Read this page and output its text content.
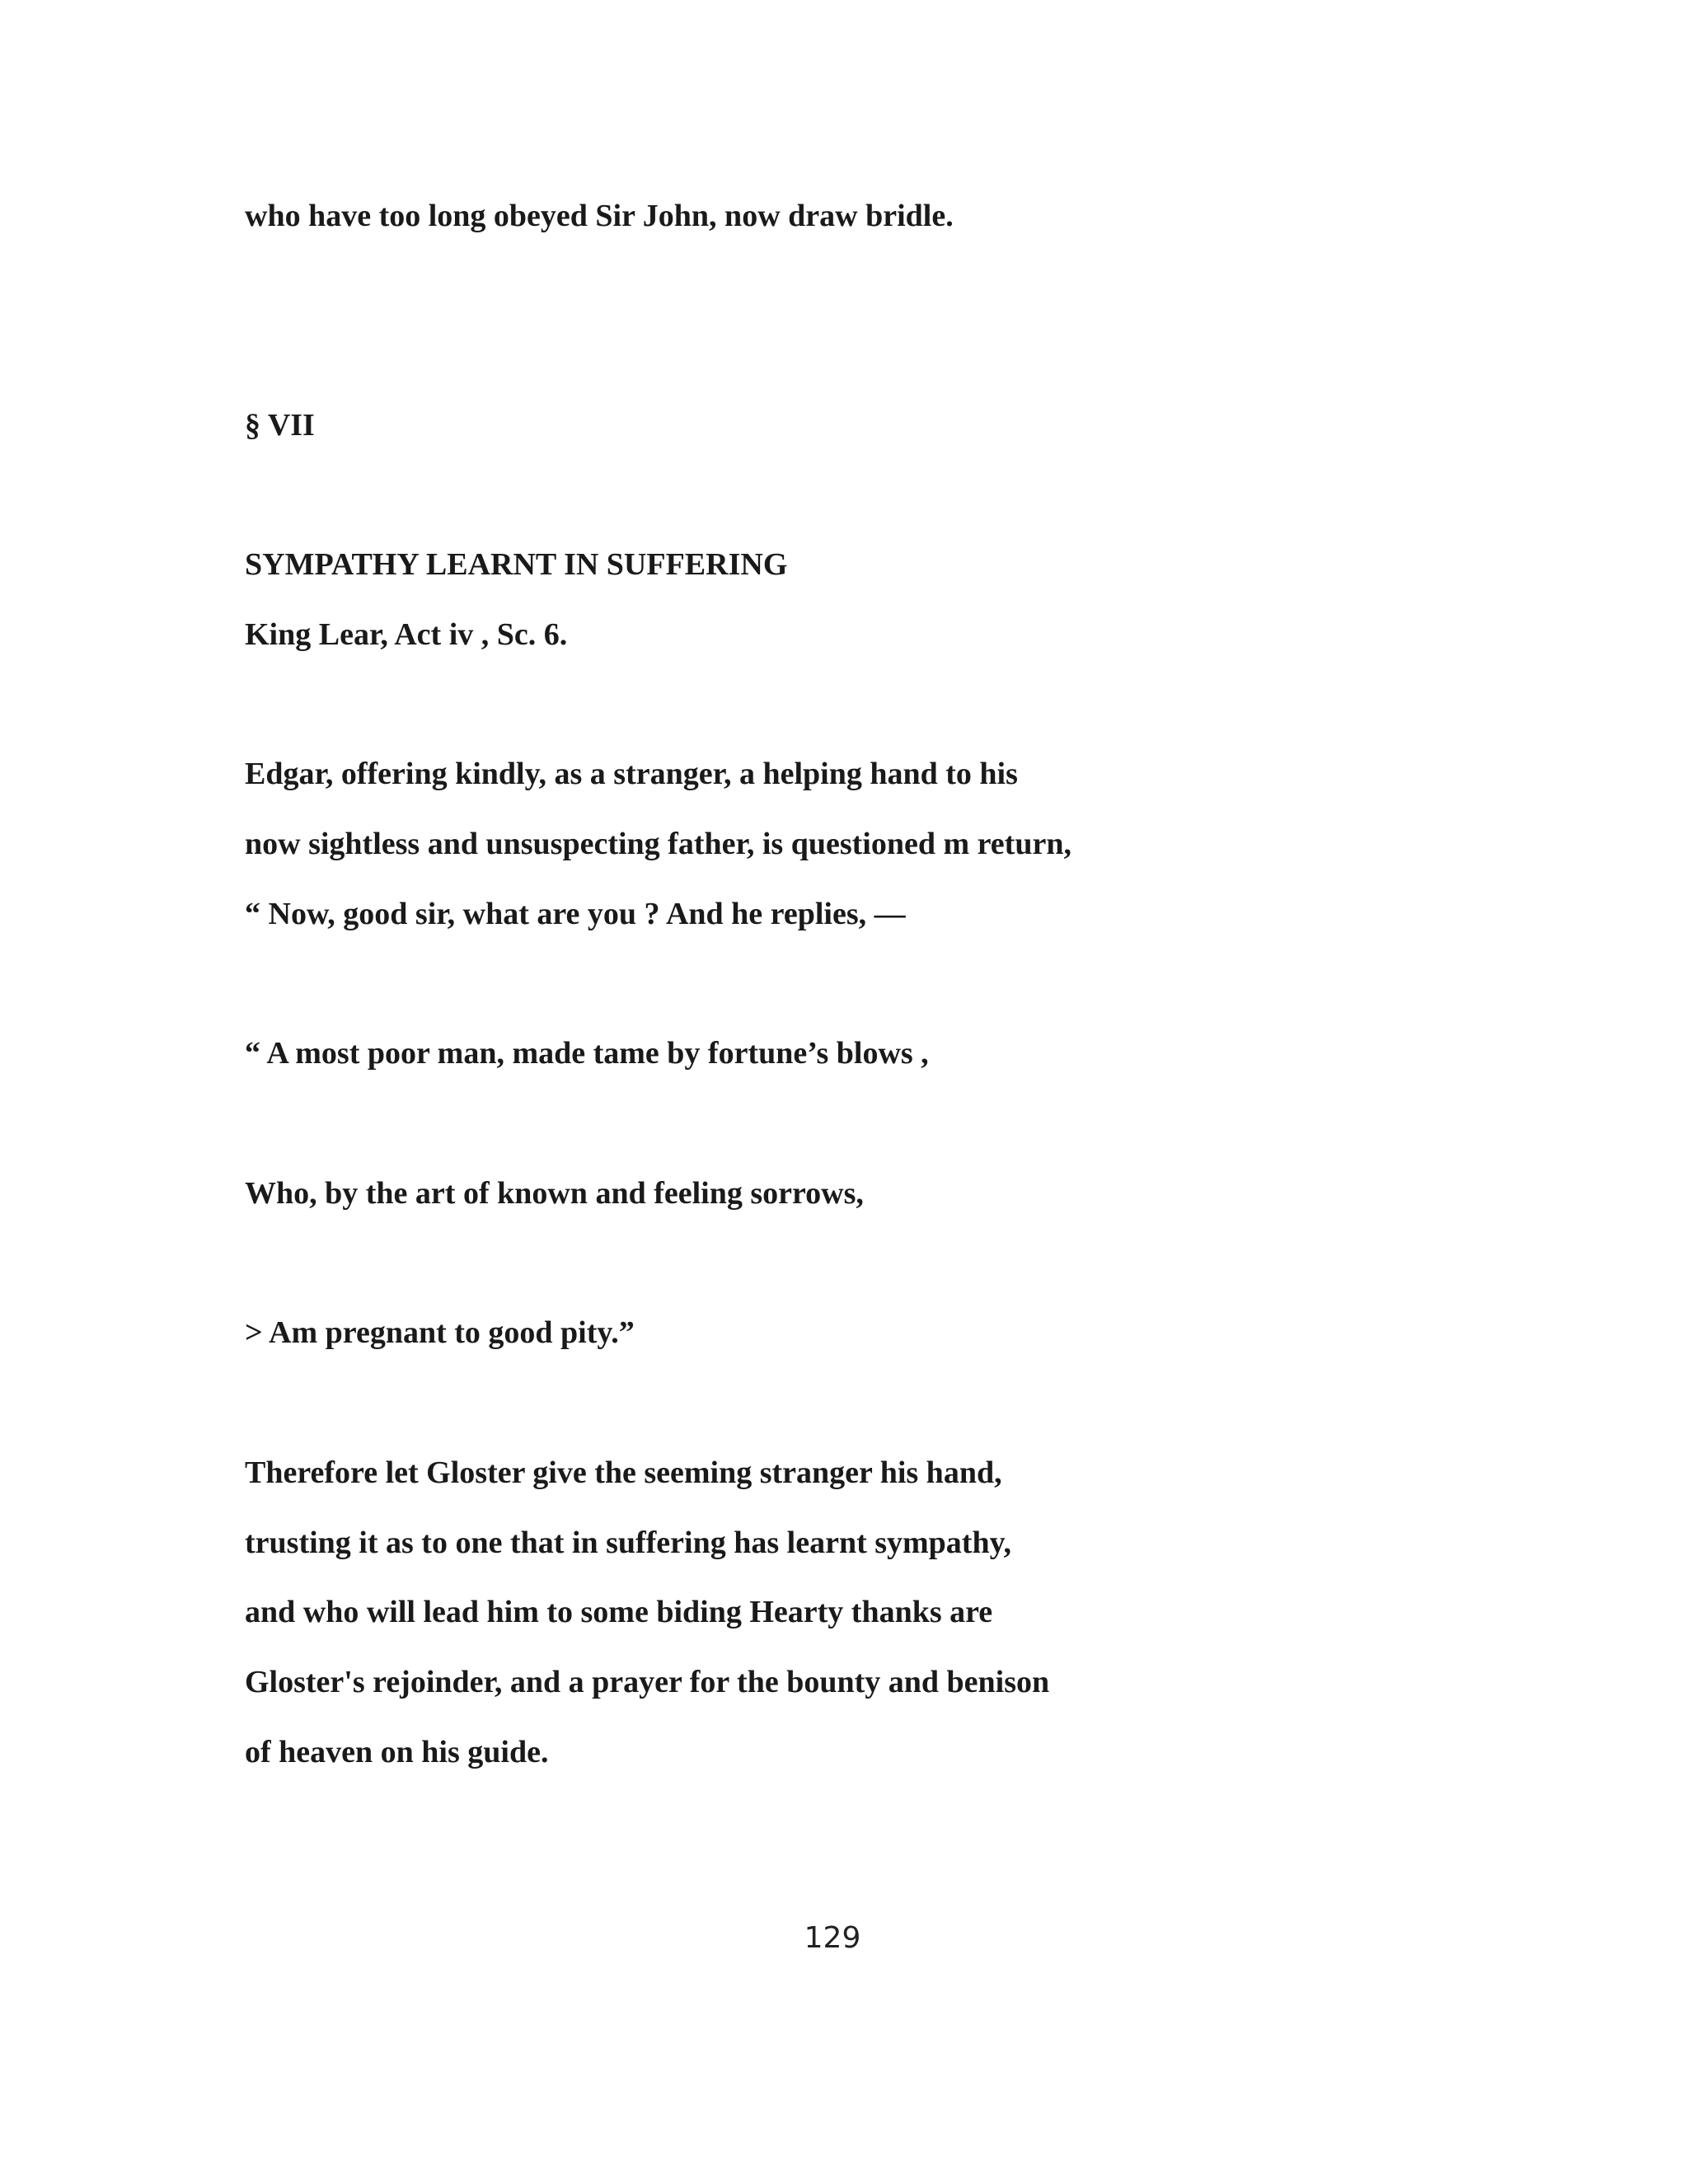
who have too long obeyed Sir John, now draw bridle.

§ VII

SYMPATHY LEARNT IN SUFFERING

King Lear, Act iv , Sc. 6.

Edgar, offering kindly, as a stranger, a helping hand to his

now sightless and unsuspecting father, is questioned m return,

“ Now, good sir, what are you ? And he replies, —

“ A most poor man, made tame by fortune’s blows ,

Who, by the art of known and feeling sorrows,

> Am pregnant to good pity.”

Therefore let Gloster give the seeming stranger his hand,

trusting it as to one that in suffering has learnt sympathy,

and who will lead him to some biding Hearty thanks are

Gloster's rejoinder, and a prayer for the bounty and benison

of heaven on his guide.

129
